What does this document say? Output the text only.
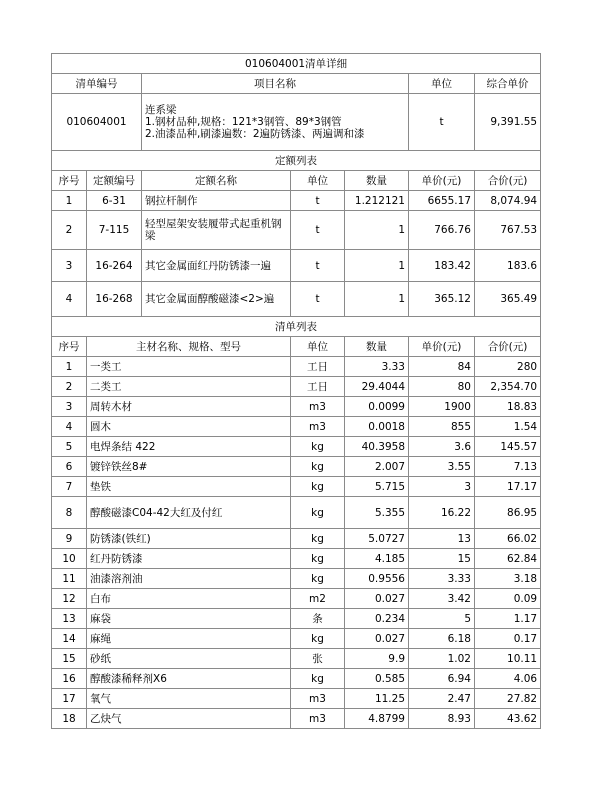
010604001清单详细						
清单编号		项目名称			单位	综合单价
010604001		连系梁
1.钢材品种,规格：121*3钢管、89*3钢管
2.油漆品种,刷漆遍数：2遍防锈漆、两遍调和漆			t	9,391.55
定额列表						
序号	定额编号	定额名称	单位	数量	单价(元)	合价(元)
1	6-31	钢拉杆制作	t	1.212121	6655.17	8,074.94
2	7-115	轻型屋架安装履带式起重机钢梁	t	1	766.76	767.53
3	16-264	其它金属面红丹防锈漆一遍	t	1	183.42	183.6
4	16-268	其它金属面醇酸磁漆<2>遍	t	1	365.12	365.49
清单列表						
序号	主材名称、规格、型号		单位	数量	单价(元)	合价(元)
1	一类工		工日	3.33	84	280
2	二类工		工日	29.4044	80	2,354.70
3	周转木材		m3	0.0099	1900	18.83
4	圆木		m3	0.0018	855	1.54
5	电焊条结 422		kg	40.3958	3.6	145.57
6	镀锌铁丝8#		kg	2.007	3.55	7.13
7	垫铁		kg	5.715	3	17.17
8	醇酸磁漆C04-42大红及付红		kg	5.355	16.22	86.95
9	防锈漆(铁红)		kg	5.0727	13	66.02
10	红丹防锈漆		kg	4.185	15	62.84
11	油漆溶剂油		kg	0.9556	3.33	3.18
12	白布		m2	0.027	3.42	0.09
13	麻袋		条	0.234	5	1.17
14	麻绳		kg	0.027	6.18	0.17
15	砂纸		张	9.9	1.02	10.11
16	醇酸漆稀释剂X6		kg	0.585	6.94	4.06
17	氧气		m3	11.25	2.47	27.82
18	乙炔气		m3	4.8799	8.93	43.62
